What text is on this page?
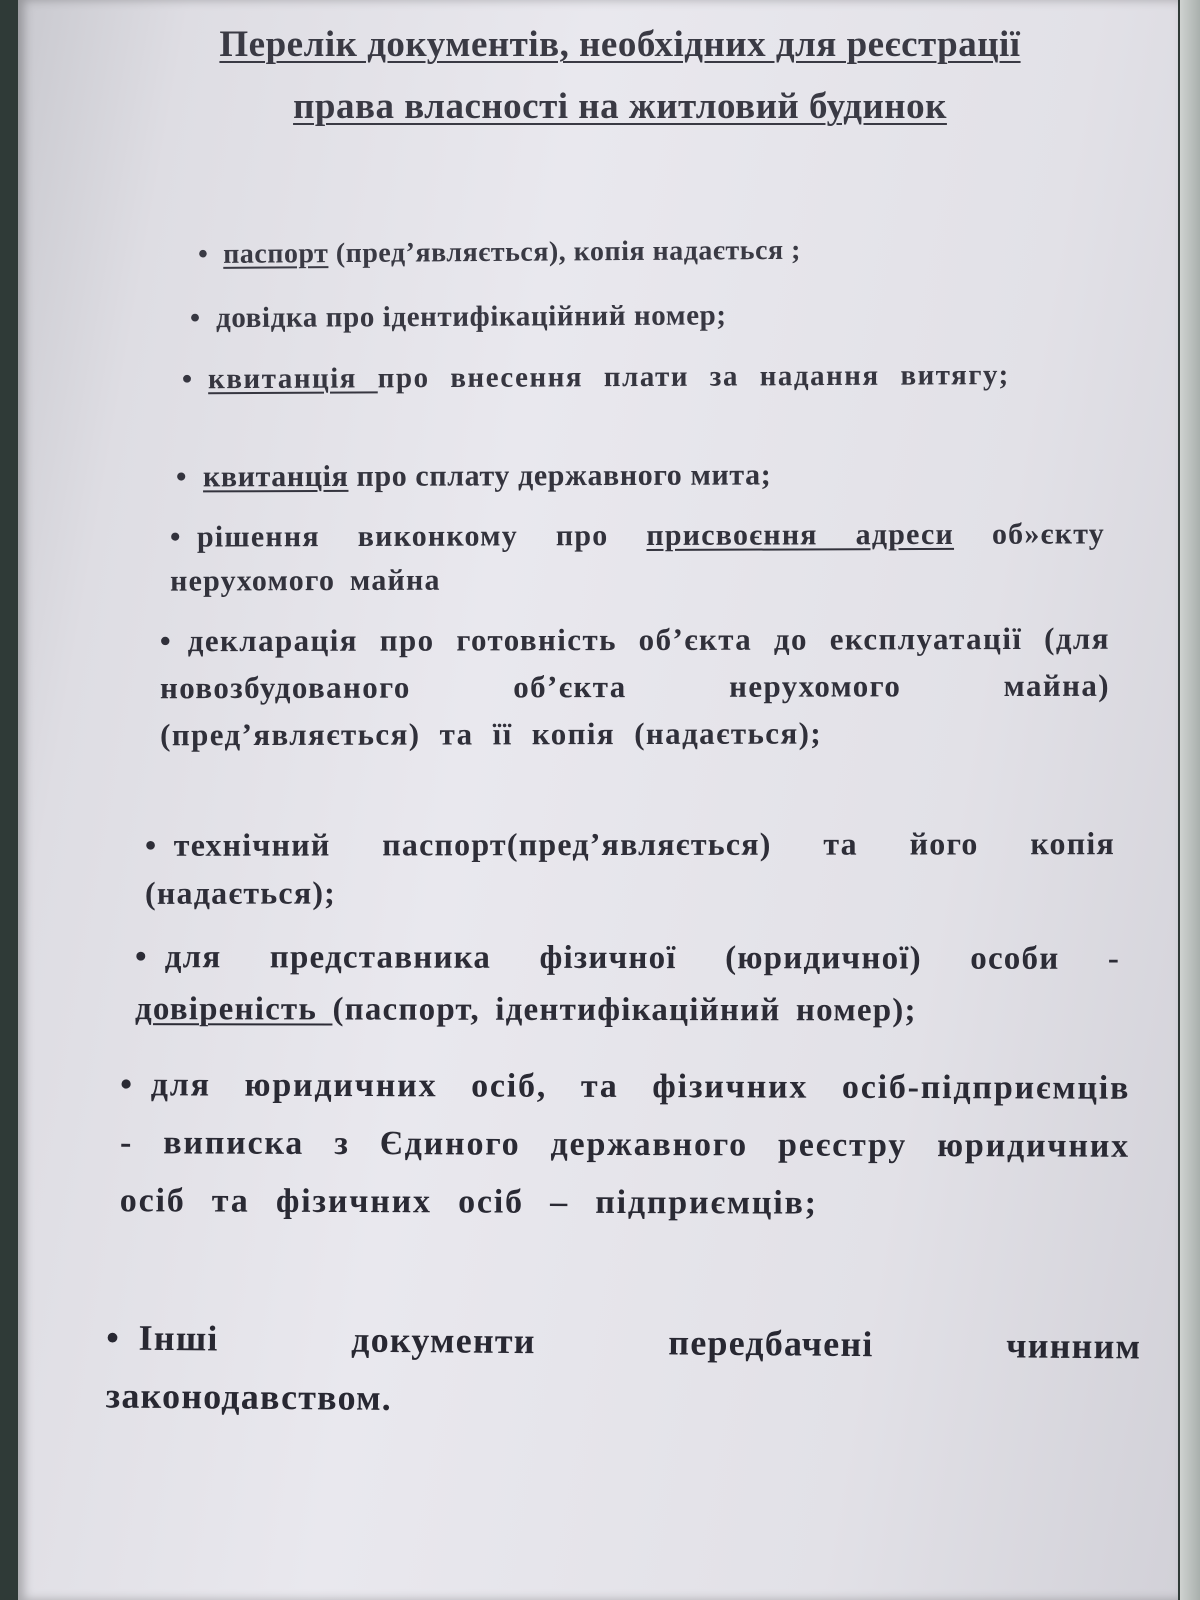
Перелік документів, необхідних для реєстрації права власності на житловий будинок
• паспорт (пред’являється), копія надається ;
• довідка про ідентифікаційний номер;
• квитанція про внесення плати за надання витягу;
• квитанція про сплату державного мита;
• рішення виконкому про присвоєння адреси об»єкту нерухомого майна
• декларація про готовність об’єкта до експлуатації (для новозбудованого об’єкта нерухомого майна) (пред’являється) та її копія (надається);
• технічний паспорт(пред’являється) та його копія (надається);
• для представника фізичної (юридичної) особи - довіреність (паспорт, ідентифікаційний номер);
• для юридичних осіб, та фізичних осіб-підприємців - виписка з Єдиного державного реєстру юридичних осіб та фізичних осіб – підприємців;
• Інші документи передбачені чинним законодавством.
